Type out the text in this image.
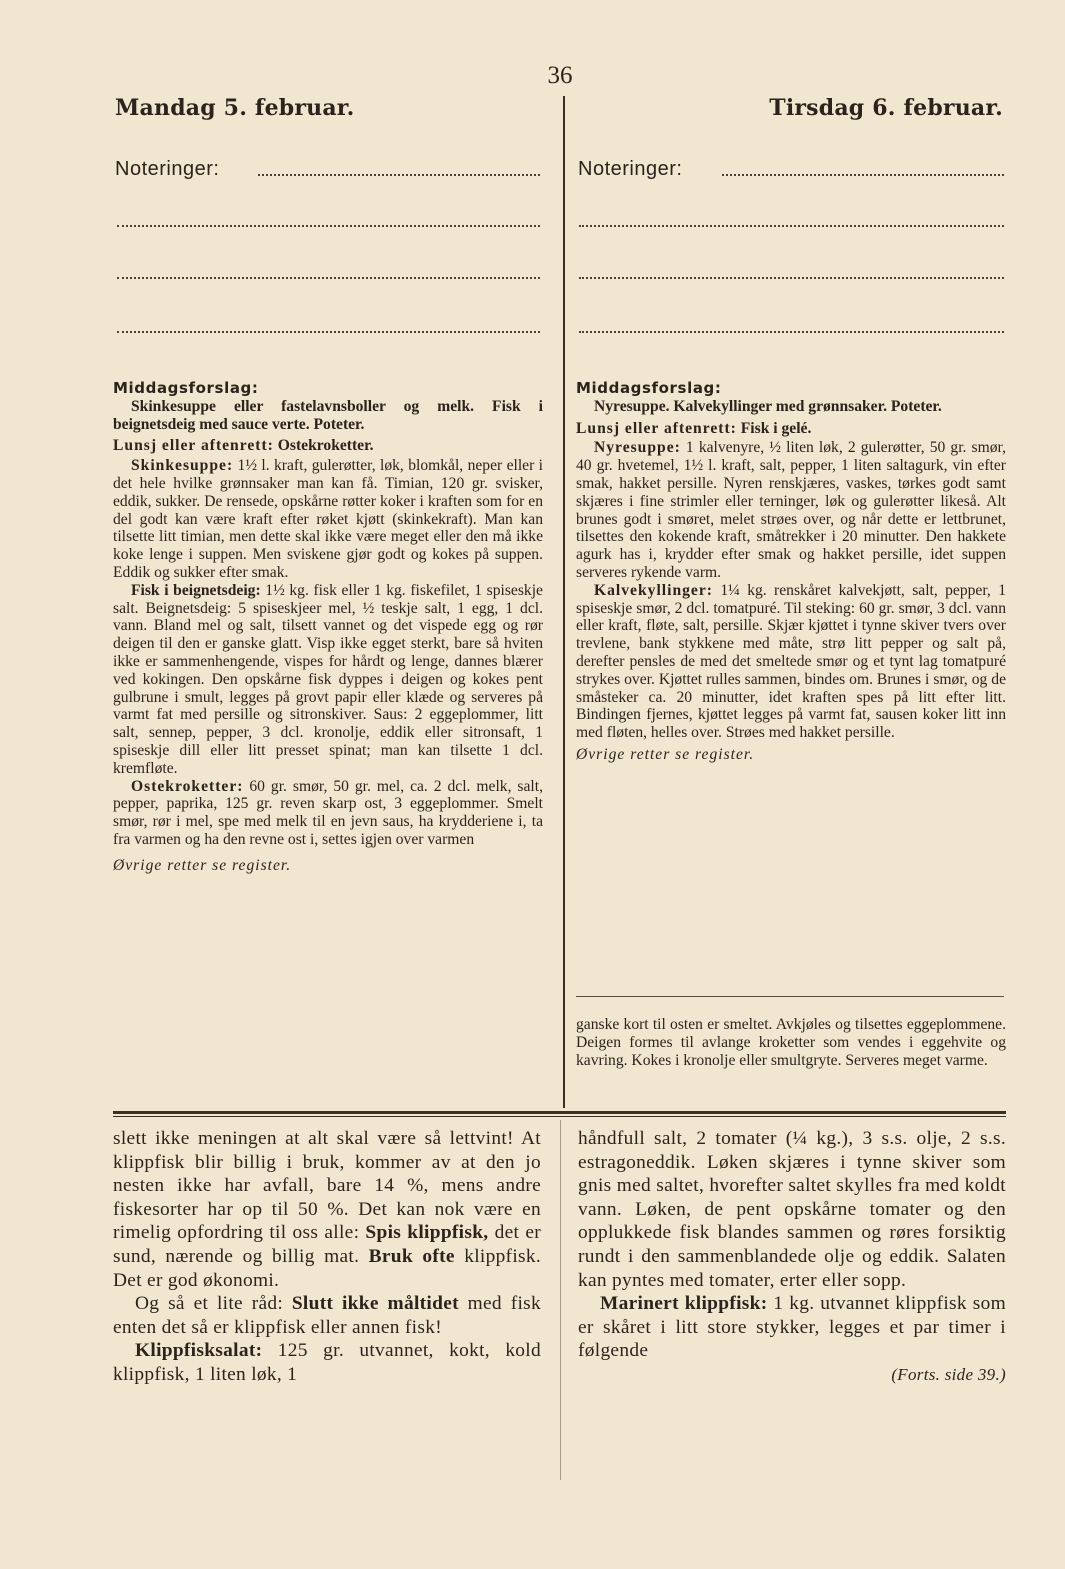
36
Mandag 5. februar.	Tirsdag 6. februar.
Noteringer:	Noteringer:

Middagsforslag:

Skinkesuppe eller fastelavnsboller og melk. Fisk i beignetsdeig med sauce verte. Poteter.

Lunsj eller aftenrett: Ostekroketter.

Skinkesuppe: 1½ l. kraft, gulerøtter, løk, blomkål, neper eller i det hele hvilke grønnsaker man kan få. Timian, 120 gr. svisker, eddik, sukker. De rensede, opskårne røtter koker i kraften som for en del godt kan være kraft efter røket kjøtt (skinkekraft). Man kan tilsette litt timian, men dette skal ikke være meget eller den må ikke koke lenge i suppen. Men sviskene gjør godt og kokes på suppen. Eddik og sukker efter smak.

Fisk i beignetsdeig: 1½ kg. fisk eller 1 kg. fiskefilet, 1 spiseskje salt. Beignetsdeig: 5 spiseskjeer mel, ½ teskje salt, 1 egg, 1 dcl. vann. Bland mel og salt, tilsett vannet og det vispede egg og rør deigen til den er ganske glatt. Visp ikke egget sterkt, bare så hviten ikke er sammenhengende, vispes for hårdt og lenge, dannes blærer ved kokingen. Den opskårne fisk dyppes i deigen og kokes pent gulbrune i smult, legges på grovt papir eller klæde og serveres på varmt fat med persille og sitronskiver. Saus: 2 eggeplommer, litt salt, sennep, pepper, 3 dcl. kronolje, eddik eller sitronsaft, 1 spiseskje dill eller litt presset spinat; man kan tilsette 1 dcl. kremfløte.

Ostekroketter: 60 gr. smør, 50 gr. mel, ca. 2 dcl. melk, salt, pepper, paprika, 125 gr. reven skarp ost, 3 eggeplommer. Smelt smør, rør i mel, spe med melk til en jevn saus, ha krydderiene i, ta fra varmen og ha den revne ost i, settes igjen over varmen

Øvrige retter se register.

Middagsforslag:

Nyresuppe. Kalvekyllinger med grønnsaker. Poteter.

Lunsj eller aftenrett: Fisk i gelé.

Nyresuppe: 1 kalvenyre, ½ liten løk, 2 gulerøtter, 50 gr. smør, 40 gr. hvetemel, 1½ l. kraft, salt, pepper, 1 liten saltagurk, vin efter smak, hakket persille. Nyren renskjæres, vaskes, tørkes godt samt skjæres i fine strimler eller terninger, løk og gulerøtter likeså. Alt brunes godt i smøret, melet strøes over, og når dette er lettbrunet, tilsettes den kokende kraft, småtrekker i 20 minutter. Den hakkete agurk has i, krydder efter smak og hakket persille, idet suppen serveres rykende varm.

Kalvekyllinger: 1¼ kg. renskåret kalvekjøtt, salt, pepper, 1 spiseskje smør, 2 dcl. tomatpuré. Til steking: 60 gr. smør, 3 dcl. vann eller kraft, fløte, salt, persille. Skjær kjøttet i tynne skiver tvers over trevlene, bank stykkene med måte, strø litt pepper og salt på, derefter pensles de med det smeltede smør og et tynt lag tomatpuré strykes over. Kjøttet rulles sammen, bindes om. Brunes i smør, og de småsteker ca. 20 minutter, idet kraften spes på litt efter litt. Bindingen fjernes, kjøttet legges på varmt fat, sausen koker litt inn med fløten, helles over. Strøes med hakket persille.

Øvrige retter se register.

ganske kort til osten er smeltet. Avkjøles og tilsettes eggeplommene. Deigen formes til avlange kroketter som vendes i eggehvite og kavring. Kokes i kronolje eller smultgryte. Serveres meget varme.

slett ikke meningen at alt skal være så lettvint! At klippfisk blir billig i bruk, kommer av at den jo nesten ikke har avfall, bare 14 %, mens andre fiskesorter har op til 50 %. Det kan nok være en rimelig opfordring til oss alle: Spis klippfisk, det er sund, nærende og billig mat. Bruk ofte klippfisk. Det er god økonomi.

Og så et lite råd: Slutt ikke måltidet med fisk enten det så er klippfisk eller annen fisk!

Klippfisksalat: 125 gr. utvannet, kokt, kold klippfisk, 1 liten løk, 1

håndfull salt, 2 tomater (¼ kg.), 3 s.s. olje, 2 s.s. estragoneddik. Løken skjæres i tynne skiver som gnis med saltet, hvorefter saltet skylles fra med koldt vann. Løken, de pent opskårne tomater og den opplukkede fisk blandes sammen og røres forsiktig rundt i den sammenblandede olje og eddik. Salaten kan pyntes med tomater, erter eller sopp.

Marinert klippfisk: 1 kg. utvannet klippfisk som er skåret i litt store stykker, legges et par timer i følgende

(Forts. side 39.)
